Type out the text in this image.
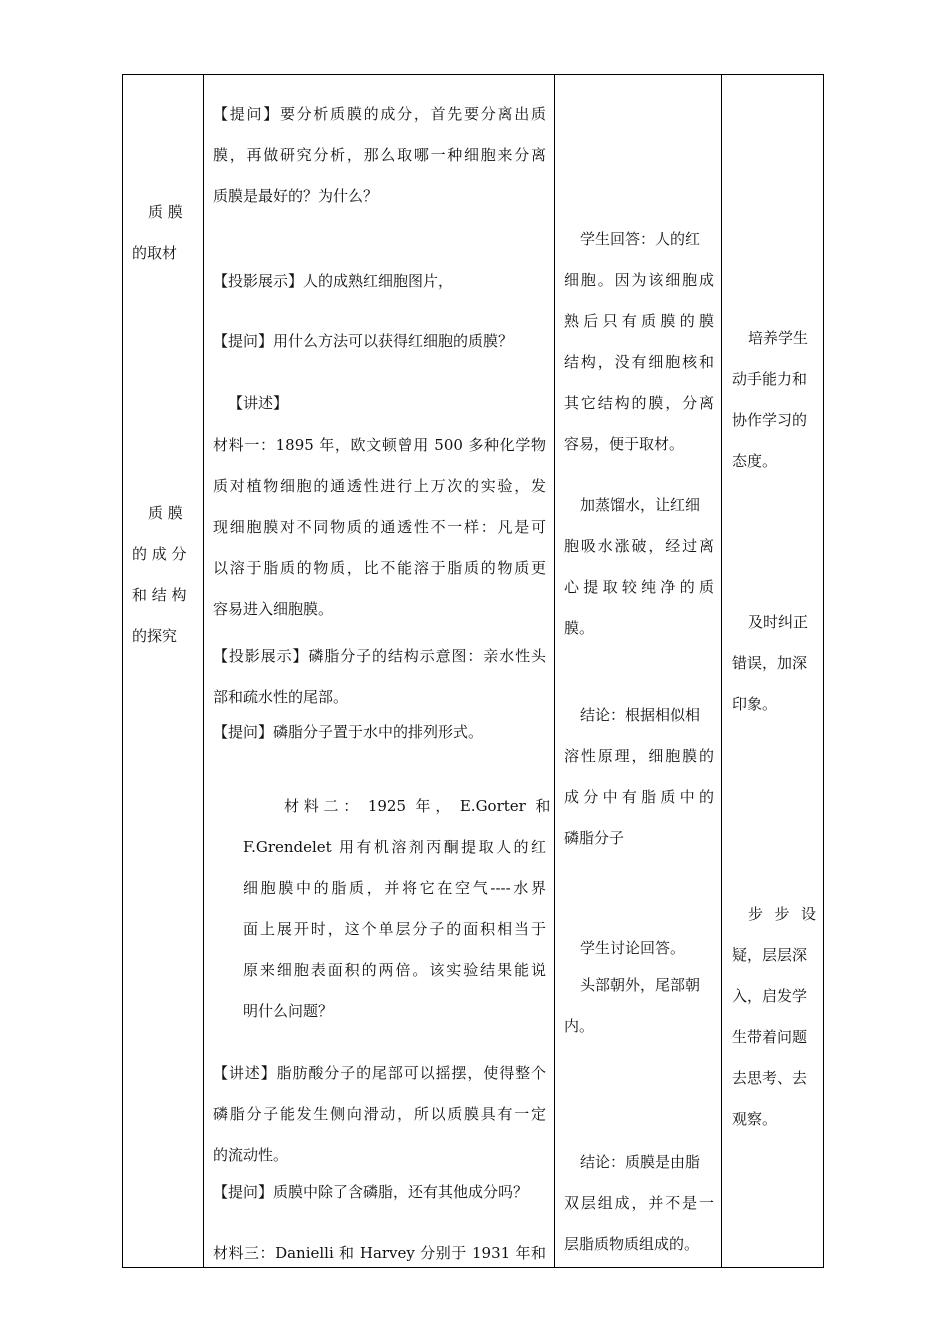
质 膜
的取材
质 膜
的 成 分
和 结 构
的探究
【提问】要分析质膜的成分，首先要分离出质
膜，再做研究分析，那么取哪一种细胞来分离
质膜是最好的？为什么？
【投影展示】人的成熟红细胞图片，
【提问】用什么方法可以获得红细胞的质膜？
【讲述】
材料一：1895 年，欧文顿曾用 500 多种化学物
质对植物细胞的通透性进行上万次的实验，发
现细胞膜对不同物质的通透性不一样：凡是可
以溶于脂质的物质，比不能溶于脂质的物质更
容易进入细胞膜。
【投影展示】磷脂分子的结构示意图：亲水性头
部和疏水性的尾部。
【提问】磷脂分子置于水中的排列形式。
材 料 二 ：  1925  年 ，  E.Gorter  和
F.Grendelet 用有机溶剂丙酮提取人的红
细胞膜中的脂质，并将它在空气----水界
面上展开时，这个单层分子的面积相当于
原来细胞表面积的两倍。该实验结果能说
明什么问题？
【讲述】脂肪酸分子的尾部可以摇摆，使得整个
磷脂分子能发生侧向滑动，所以质膜具有一定
的流动性。
【提问】质膜中除了含磷脂，还有其他成分吗？
材料三：Danielli 和 Harvey 分别于 1931 年和
学生回答：人的红
细胞。因为该细胞成
熟后只有质膜的膜
结构，没有细胞核和
其它结构的膜，分离
容易，便于取材。
加蒸馏水，让红细
胞吸水涨破，经过离
心提取较纯净的质
膜。
结论：根据相似相
溶性原理，细胞膜的
成分中有脂质中的
磷脂分子
学生讨论回答。
头部朝外，尾部朝
内。
结论：质膜是由脂
双层组成，并不是一
层脂质物质组成的。
培养学生
动手能力和
协作学习的
态度。
及时纠正
错误，加深
印象。
步 步 设
疑，层层深
入，启发学
生带着问题
去思考、去
观察。
